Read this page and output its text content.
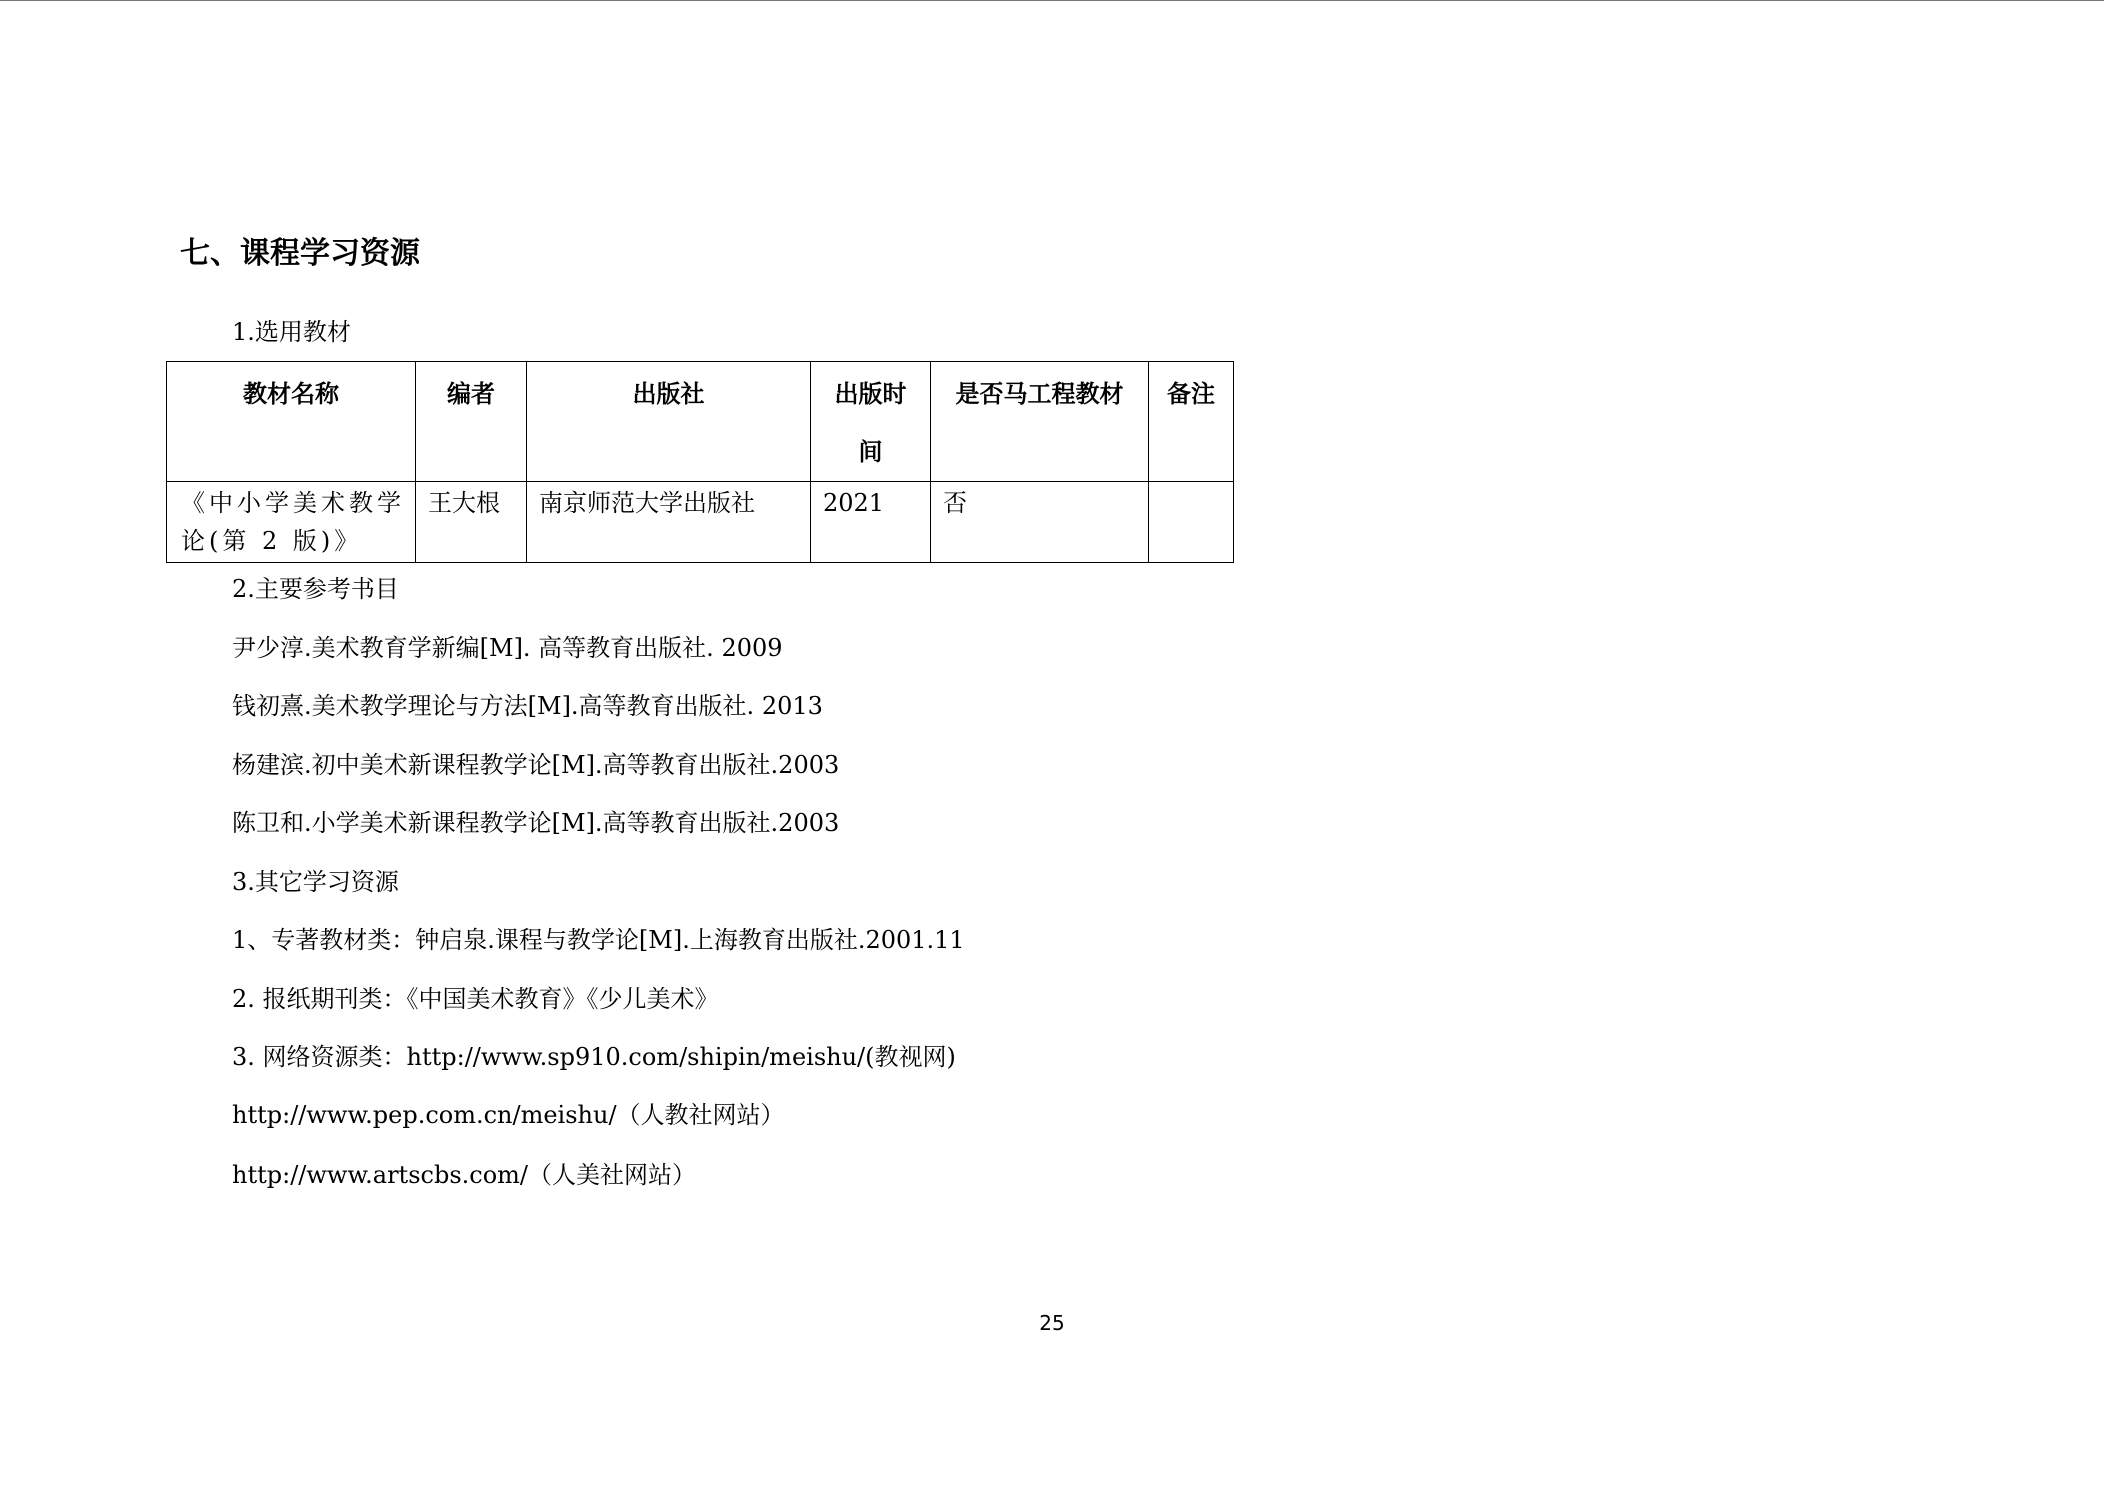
七、课程学习资源
1.选用教材
教材名称	编者	出版社	出版时间	是否马工程教材	备注
《中小学美术教学论(第 2 版)》	王大根	南京师范大学出版社	2021	否	
2.主要参考书目
尹少淳.美术教育学新编[M]. 高等教育出版社. 2009
钱初熹.美术教学理论与方法[M].高等教育出版社. 2013
杨建滨.初中美术新课程教学论[M].高等教育出版社.2003
陈卫和.小学美术新课程教学论[M].高等教育出版社.2003
3.其它学习资源
1、专著教材类：钟启泉.课程与教学论[M].上海教育出版社.2001.11
2. 报纸期刊类：《中国美术教育》《少儿美术》
3. 网络资源类：http://www.sp910.com/shipin/meishu/(教视网)
http://www.pep.com.cn/meishu/（人教社网站）
http://www.artscbs.com/（人美社网站）
25
